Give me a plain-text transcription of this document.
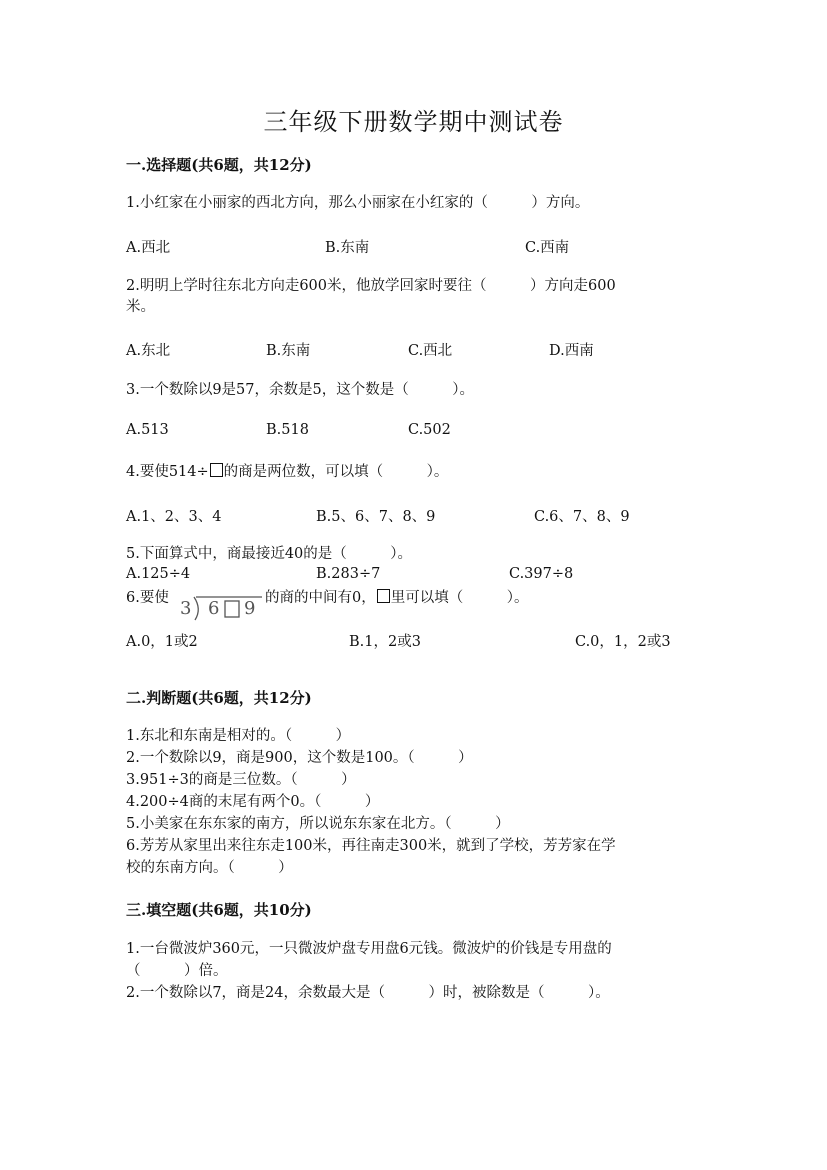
三年级下册数学期中测试卷
一.选择题(共6题，共12分)
1.小红家在小丽家的西北方向，那么小丽家在小红家的（　　　）方向。
A.西北	B.东南	C.西南
2.明明上学时往东北方向走600米，他放学回家时要往（　　　）方向走600
米。
A.东北	B.东南	C.西北	D.西南
3.一个数除以9是57，余数是5，这个数是（　　　）。
A.513	B.518	C.502
4.要使514÷ 的商是两位数，可以填（　　　）。
A.1、2、3、4	B.5、6、7、8、9	C.6、7、8、9
5.下面算式中，商最接近40的是（　　　）。
A.125÷4	B.283÷7	C.397÷8
6.要使 3 6 9 的商的中间有0， 里可以填（　　　）。
A.0，1或2	B.1，2或3	C.0，1，2或3
二.判断题(共6题，共12分)
1.东北和东南是相对的。（　　　）
2.一个数除以9，商是900，这个数是100。（　　　）
3.951÷3的商是三位数。（　　　）
4.200÷4商的末尾有两个0。（　　　）
5.小美家在东东家的南方，所以说东东家在北方。（　　　）
6.芳芳从家里出来往东走100米，再往南走300米，就到了学校，芳芳家在学
校的东南方向。（　　　）
三.填空题(共6题，共10分)
1.一台微波炉360元，一只微波炉盘专用盘6元钱。微波炉的价钱是专用盘的
（　　　）倍。
2.一个数除以7，商是24，余数最大是（　　　）时，被除数是（　　　）。
